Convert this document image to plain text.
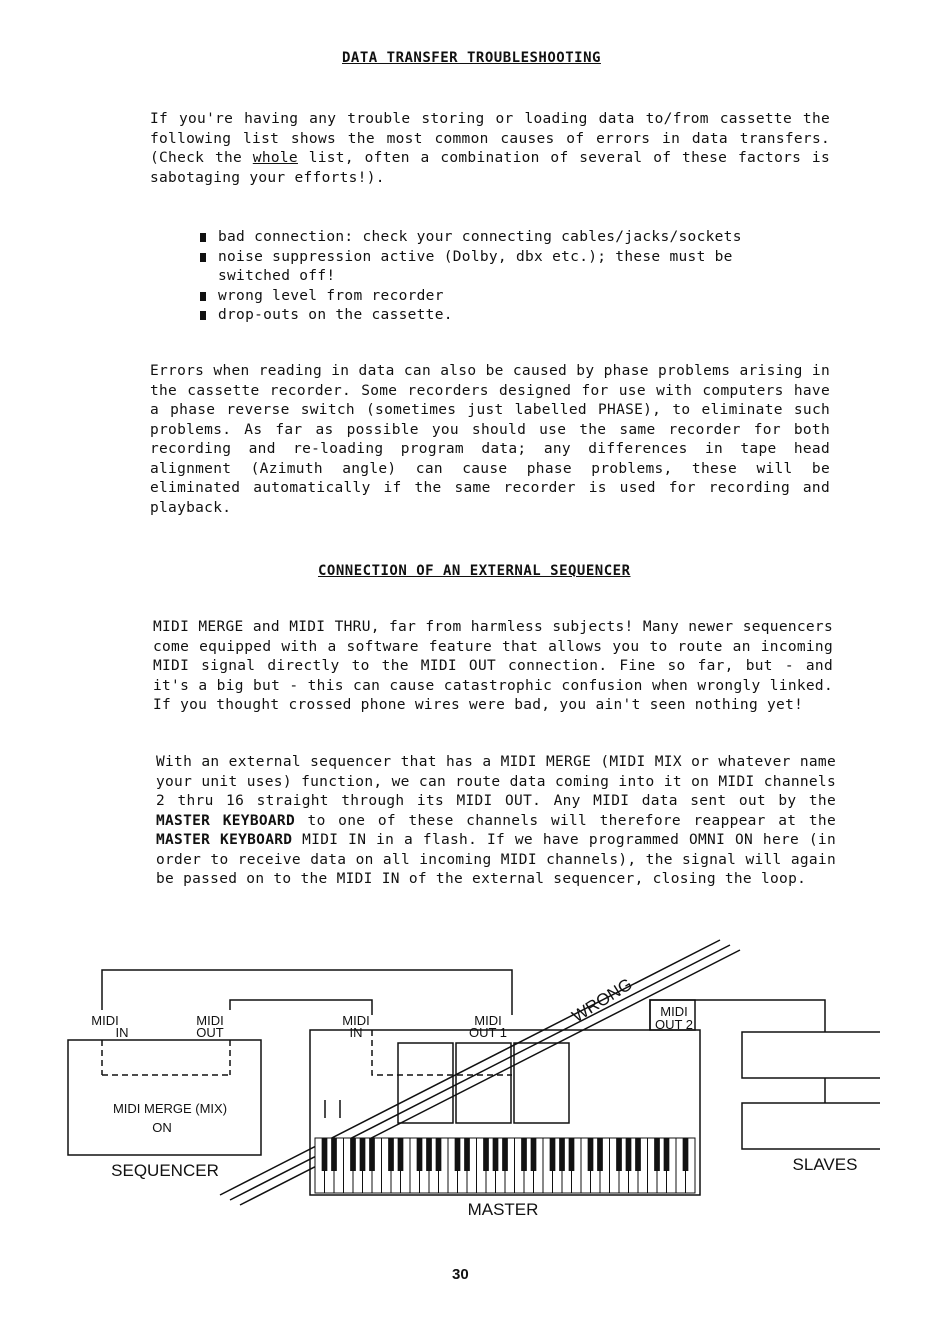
DATA TRANSFER TROUBLESHOOTING
If you're having any trouble storing or loading data to/from cassette the following list shows the most common causes of errors in data transfers. (Check the whole list, often a combination of several of these factors is sabotaging your efforts!).
bad connection: check your connecting cables/jacks/sockets
noise suppression active (Dolby, dbx etc.); these must be switched off!
wrong level from recorder
drop-outs on the cassette.
Errors when reading in data can also be caused by phase problems arising in the cassette recorder. Some recorders designed for use with computers have a phase reverse switch (sometimes just labelled PHASE), to eliminate such problems. As far as possible you should use the same recorder for both recording and re-loading program data; any differences in tape head alignment (Azimuth angle) can cause phase problems, these will be eliminated automatically if the same recorder is used for recording and playback.
CONNECTION OF AN EXTERNAL SEQUENCER
MIDI MERGE and MIDI THRU, far from harmless subjects! Many newer sequencers come equipped with a software feature that allows you to route an incoming MIDI signal directly to the MIDI OUT connection. Fine so far, but - and it's a big but - this can cause catastrophic confusion when wrongly linked. If you thought crossed phone wires were bad, you ain't seen nothing yet!
With an external sequencer that has a MIDI MERGE (MIDI MIX or whatever name your unit uses) function, we can route data coming into it on MIDI channels 2 thru 16 straight through its MIDI OUT. Any MIDI data sent out by the MASTER KEYBOARD to one of these channels will therefore reappear at the MASTER KEYBOARD MIDI IN in a flash. If we have programmed OMNI ON here (in order to receive data on all incoming MIDI channels), the signal will again be passed on to the MIDI IN of the external sequencer, closing the loop.
MIDI
IN
MIDI
OUT
MIDI MERGE (MIX)
ON
SEQUENCER
MIDI
IN
MIDI
OUT 1
MIDI
OUT 2
MASTER
SLAVES
WRONG
30
